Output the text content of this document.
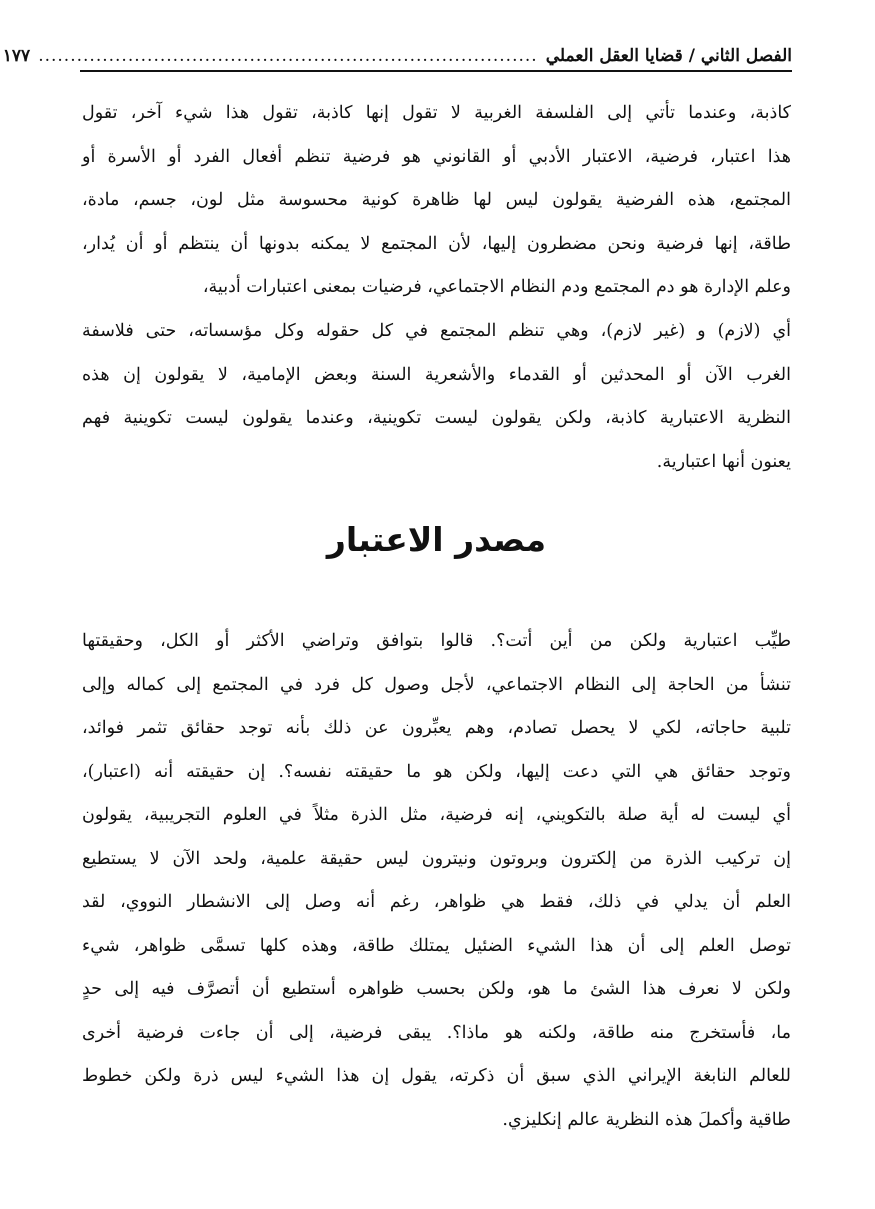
الفصل الثاني / قضايا العقل العملي
..............................................................................
١٧٧
كاذبة، وعندما تأتي إلى الفلسفة الغربية لا تقول إنها كاذبة، تقول هذا شيء آخر، تقول
هذا اعتبار، فرضية، الاعتبار الأدبي أو القانوني هو فرضية تنظم أفعال الفرد أو الأسرة أو
المجتمع، هذه الفرضية يقولون ليس لها ظاهرة كونية محسوسة مثل لون، جسم، مادة،
طاقة، إنها فرضية ونحن مضطرون إليها، لأن المجتمع لا يمكنه بدونها أن ينتظم أو أن يُدار،
وعلم الإدارة هو دم المجتمع ودم النظام الاجتماعي، فرضيات بمعنى اعتبارات أدبية،
أي (لازم) و (غير لازم)، وهي تنظم المجتمع في كل حقوله وكل مؤسساته، حتى فلاسفة
الغرب الآن أو المحدثين أو القدماء والأشعرية السنة وبعض الإمامية، لا يقولون إن هذه
النظرية الاعتبارية كاذبة، ولكن يقولون ليست تكوينية، وعندما يقولون ليست تكوينية فهم
يعنون أنها اعتبارية.
مصدر الاعتبار
طيِّب اعتبارية ولكن من أين أتت؟. قالوا بتوافق وتراضي الأكثر أو الكل، وحقيقتها
تنشأ من الحاجة إلى النظام الاجتماعي، لأجل وصول كل فرد في المجتمع إلى كماله وإلى
تلبية حاجاته، لكي لا يحصل تصادم، وهم يعبِّرون عن ذلك بأنه توجد حقائق تثمر فوائد،
وتوجد حقائق هي التي دعت إليها، ولكن هو ما حقيقته نفسه؟. إن حقيقته أنه (اعتبار)،
أي ليست له أية صلة بالتكويني، إنه فرضية، مثل الذرة مثلاً في العلوم التجريبية، يقولون
إن تركيب الذرة من إلكترون وبروتون ونيترون ليس حقيقة علمية، ولحد الآن لا يستطيع
العلم أن يدلي في ذلك، فقط هي ظواهر، رغم أنه وصل إلى الانشطار النووي، لقد
توصل العلم إلى أن هذا الشيء الضئيل يمتلك طاقة، وهذه كلها تسمَّى ظواهر، شيء
ولكن لا نعرف هذا الشئ ما هو، ولكن بحسب ظواهره أستطيع أن أتصرَّف فيه إلى حدٍ
ما، فأستخرج منه طاقة، ولكنه هو ماذا؟. يبقى فرضية، إلى أن جاءت فرضية أخرى
للعالم النابغة الإيراني الذي سبق أن ذكرته، يقول إن هذا الشيء ليس ذرة ولكن خطوط
طاقية وأكملَ هذه النظرية عالم إنكليزي.
